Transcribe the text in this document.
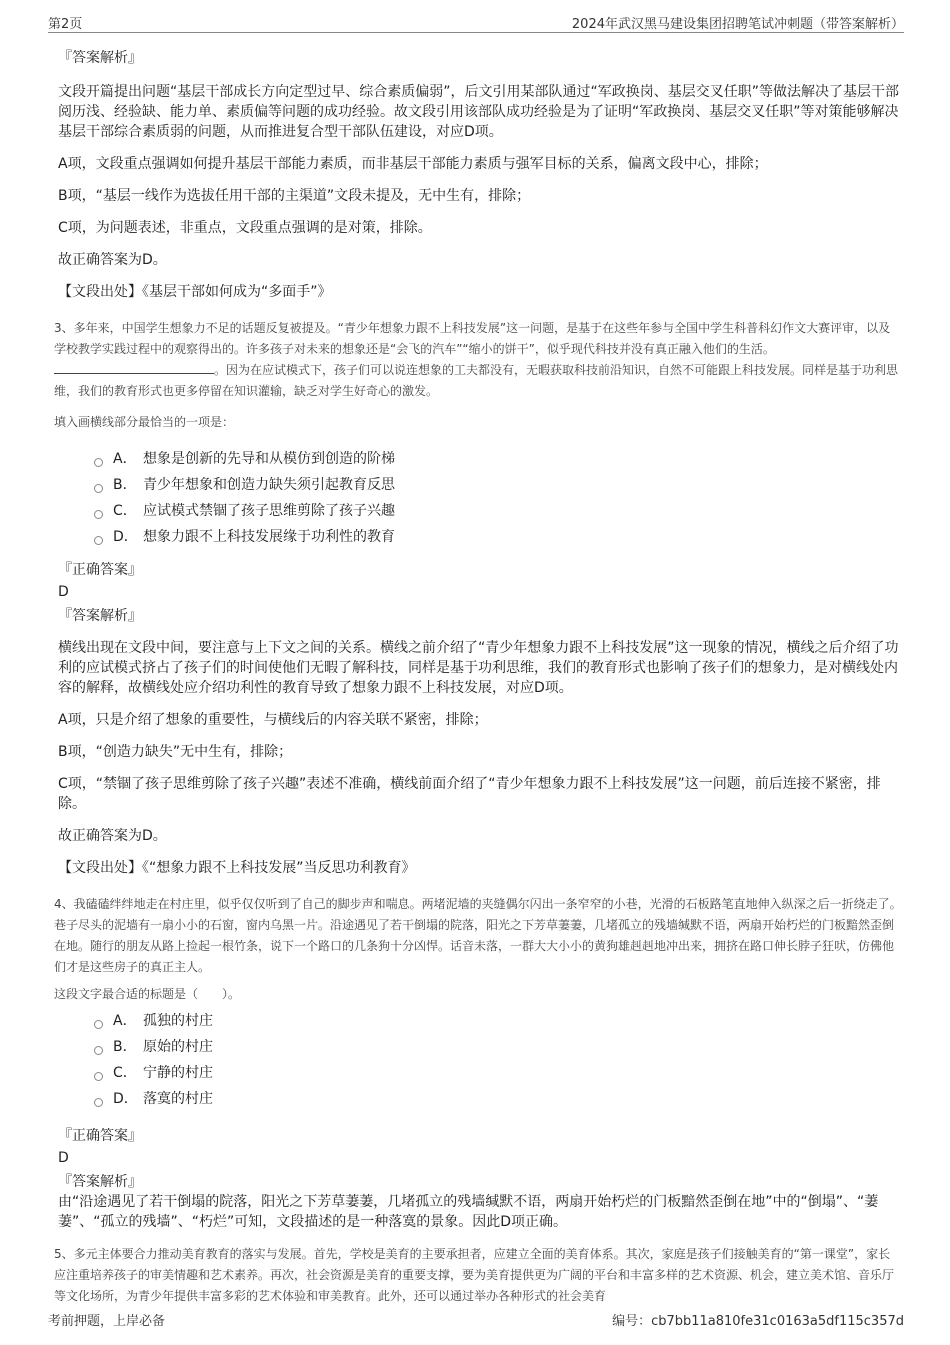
第2页	2024年武汉黑马建设集团招聘笔试冲刺题（带答案解析）
『答案解析』

文段开篇提出问题“基层干部成长方向定型过早、综合素质偏弱”，后文引用某部队通过“军政换岗、基层交叉任职”等做法解决了基层干部阅历浅、经验缺、能力单、素质偏等问题的成功经验。故文段引用该部队成功经验是为了证明“军政换岗、基层交叉任职”等对策能够解决基层干部综合素质弱的问题，从而推进复合型干部队伍建设，对应D项。

A项，文段重点强调如何提升基层干部能力素质，而非基层干部能力素质与强军目标的关系，偏离文段中心，排除；

B项，“基层一线作为选拔任用干部的主渠道”文段未提及，无中生有，排除；

C项，为问题表述，非重点，文段重点强调的是对策，排除。

故正确答案为D。

【文段出处】《基层干部如何成为“多面手”》
3、多年来，中国学生想象力不足的话题反复被提及。“青少年想象力跟不上科技发展”这一问题，是基于在这些年参与全国中学生科普科幻作文大赛评审，以及学校教学实践过程中的观察得出的。许多孩子对未来的想象还是“会飞的汽车”“缩小的饼干”，似乎现代科技并没有真正融入他们的生活。。因为在应试模式下，孩子们可以说连想象的工夫都没有，无暇获取科技前沿知识，自然不可能跟上科技发展。同样是基于功利思维，我们的教育形式也更多停留在知识灌输，缺乏对学生好奇心的激发。
填入画横线部分最恰当的一项是：
A． 想象是创新的先导和从模仿到创造的阶梯
B． 青少年想象和创造力缺失须引起教育反思
C． 应试模式禁锢了孩子思维剪除了孩子兴趣
D． 想象力跟不上科技发展缘于功利性的教育
『正确答案』
D
『答案解析』

横线出现在文段中间，要注意与上下文之间的关系。横线之前介绍了“青少年想象力跟不上科技发展”这一现象的情况，横线之后介绍了功利的应试模式挤占了孩子们的时间使他们无暇了解科技，同样是基于功利思维，我们的教育形式也影响了孩子们的想象力，是对横线处内容的解释，故横线处应介绍功利性的教育导致了想象力跟不上科技发展，对应D项。

A项，只是介绍了想象的重要性，与横线后的内容关联不紧密，排除；

B项，“创造力缺失”无中生有，排除；

C项，“禁锢了孩子思维剪除了孩子兴趣”表述不准确，横线前面介绍了“青少年想象力跟不上科技发展”这一问题，前后连接不紧密，排除。

故正确答案为D。

【文段出处】《“想象力跟不上科技发展”当反思功利教育》
4、我磕磕绊绊地走在村庄里，似乎仅仅听到了自己的脚步声和喘息。两堵泥墙的夹缝偶尔闪出一条窄窄的小巷，光滑的石板路笔直地伸入纵深之后一折绕走了。巷子尽头的泥墙有一扇小小的石窗，窗内乌黑一片。沿途遇见了若干倒塌的院落，阳光之下芳草萋萋，几堵孤立的残墙缄默不语，两扇开始朽烂的门板黯然歪倒在地。随行的朋友从路上捡起一根竹条，说下一个路口的几条狗十分凶悍。话音未落，一群大大小小的黄狗雄赳赳地冲出来，拥挤在路口伸长脖子狂吠，仿佛他们才是这些房子的真正主人。
这段文字最合适的标题是（　　）。
A． 孤独的村庄
B． 原始的村庄
C． 宁静的村庄
D． 落寞的村庄
『正确答案』
D
『答案解析』

由“沿途遇见了若干倒塌的院落，阳光之下芳草萋萋，几堵孤立的残墙缄默不语，两扇开始朽烂的门板黯然歪倒在地”中的“倒塌”、“萋萋”、“孤立的残墙”、“朽烂”可知，文段描述的是一种落寞的景象。因此D项正确。

5、多元主体要合力推动美育教育的落实与发展。首先，学校是美育的主要承担者，应建立全面的美育体系。其次，家庭是孩子们接触美育的“第一课堂”，家长应注重培养孩子的审美情趣和艺术素养。再次，社会资源是美育的重要支撑，要为美育提供更为广阔的平台和丰富多样的艺术资源、机会，建立美术馆、音乐厅等文化场所，为青少年提供丰富多彩的艺术体验和审美教育。此外，还可以通过举办各种形式的社会美育
考前押题，上岸必备	编号：cb7bb11a810fe31c0163a5df115c357d
